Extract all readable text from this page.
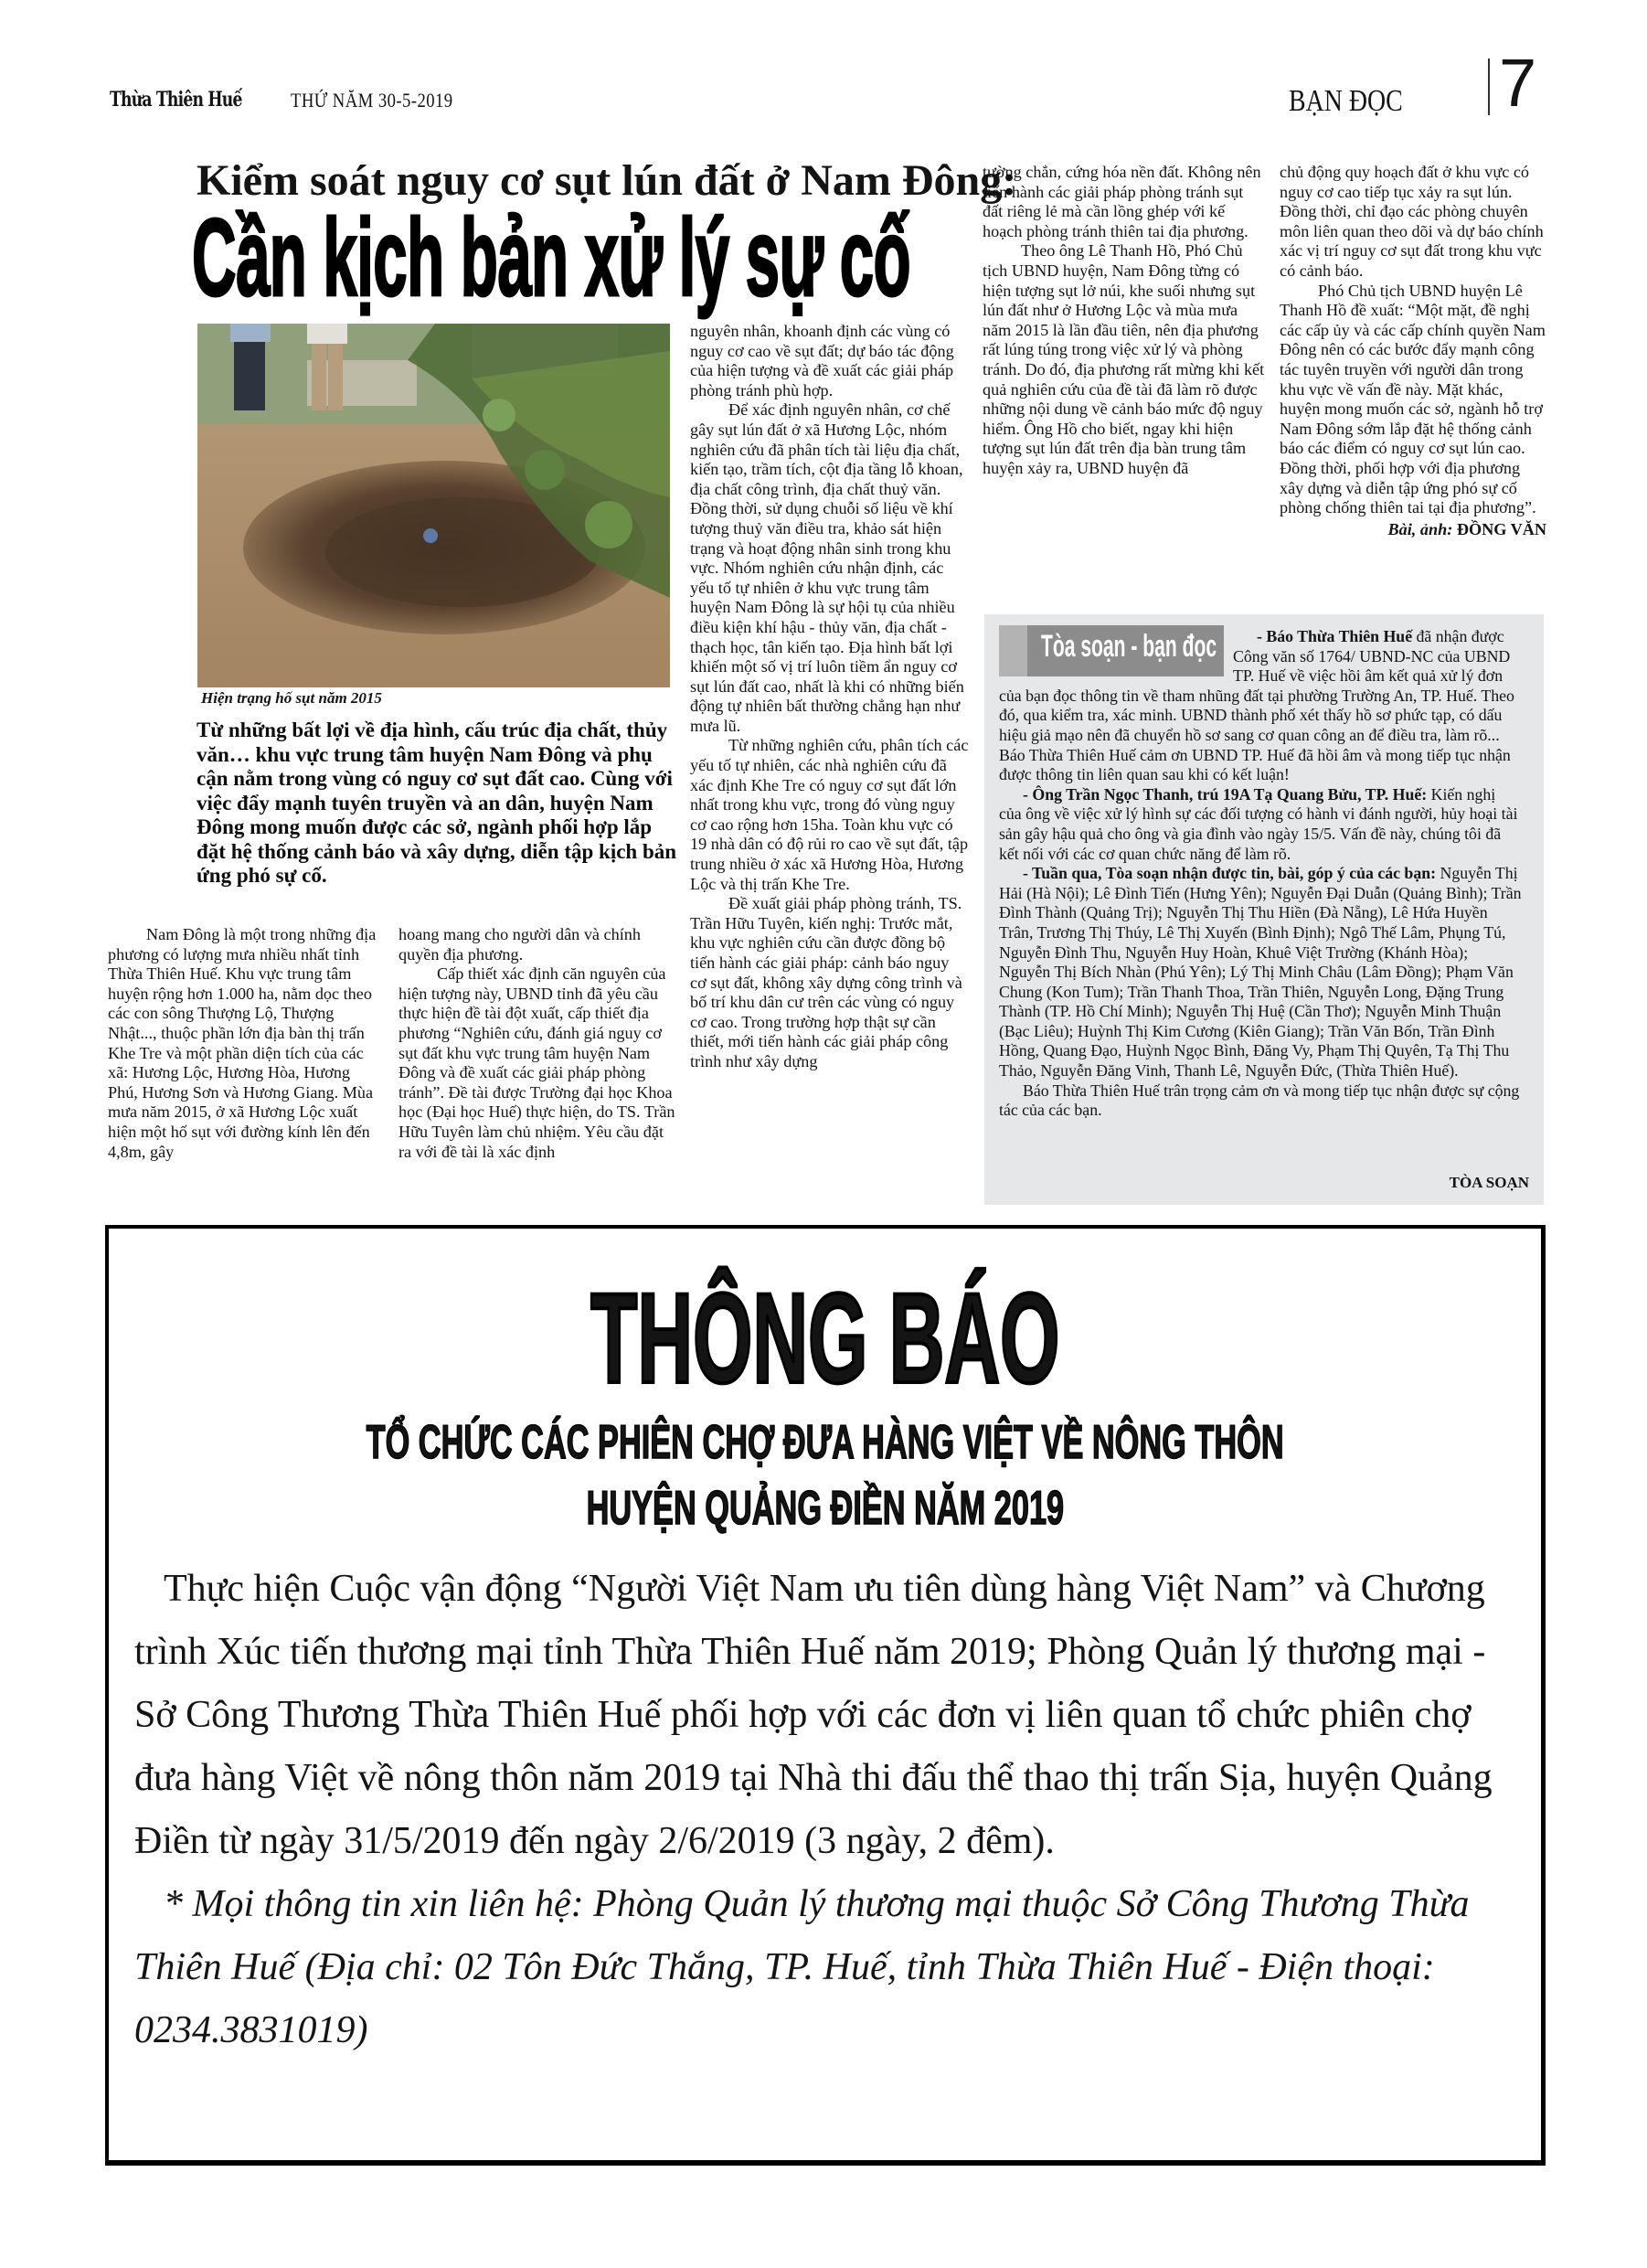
Thừa Thiên Huế THỨ NĂM 30-5-2019	BẠN ĐỌC 7
Kiểm soát nguy cơ sụt lún đất ở Nam Đông:
Cần kịch bản xử lý sự cố
Hiện trạng hố sụt năm 2015
Từ những bất lợi về địa hình, cấu trúc địa chất, thủy văn… khu vực trung tâm huyện Nam Đông và phụ cận nằm trong vùng có nguy cơ sụt đất cao. Cùng với việc đẩy mạnh tuyên truyền và an dân, huyện Nam Đông mong muốn được các sở, ngành phối hợp lắp đặt hệ thống cảnh báo và xây dựng, diễn tập kịch bản ứng phó sự cố.

Nam Đông là một trong những địa phương có lượng mưa nhiều nhất tỉnh Thừa Thiên Huế. Khu vực trung tâm huyện rộng hơn 1.000 ha, nằm dọc theo các con sông Thượng Lộ, Thượng Nhật..., thuộc phần lớn địa bàn thị trấn Khe Tre và một phần diện tích của các xã: Hương Lộc, Hương Hòa, Hương Phú, Hương Sơn và Hương Giang. Mùa mưa năm 2015, ở xã Hương Lộc xuất hiện một hố sụt với đường kính lên đến 4,8m, gây

hoang mang cho người dân và chính quyền địa phương.

Cấp thiết xác định căn nguyên của hiện tượng này, UBND tỉnh đã yêu cầu thực hiện đề tài đột xuất, cấp thiết địa phương “Nghiên cứu, đánh giá nguy cơ sụt đất khu vực trung tâm huyện Nam Đông và đề xuất các giải pháp phòng tránh”. Đề tài được Trường đại học Khoa học (Đại học Huế) thực hiện, do TS. Trần Hữu Tuyên làm chủ nhiệm. Yêu cầu đặt ra với đề tài là xác định

nguyên nhân, khoanh định các vùng có nguy cơ cao về sụt đất; dự báo tác động của hiện tượng và đề xuất các giải pháp phòng tránh phù hợp.

Để xác định nguyên nhân, cơ chế gây sụt lún đất ở xã Hương Lộc, nhóm nghiên cứu đã phân tích tài liệu địa chất, kiến tạo, trầm tích, cột địa tầng lỗ khoan, địa chất công trình, địa chất thuỷ văn. Đồng thời, sử dụng chuỗi số liệu về khí tượng thuỷ văn điều tra, khảo sát hiện trạng và hoạt động nhân sinh trong khu vực. Nhóm nghiên cứu nhận định, các yếu tố tự nhiên ở khu vực trung tâm huyện Nam Đông là sự hội tụ của nhiều điều kiện khí hậu - thủy văn, địa chất - thạch học, tân kiến tạo. Địa hình bất lợi khiến một số vị trí luôn tiềm ẩn nguy cơ sụt lún đất cao, nhất là khi có những biến động tự nhiên bất thường chẳng hạn như mưa lũ.

Từ những nghiên cứu, phân tích các yếu tố tự nhiên, các nhà nghiên cứu đã xác định Khe Tre có nguy cơ sụt đất lớn nhất trong khu vực, trong đó vùng nguy cơ cao rộng hơn 15ha. Toàn khu vực có 19 nhà dân có độ rủi ro cao về sụt đất, tập trung nhiều ở xác xã Hương Hòa, Hương Lộc và thị trấn Khe Tre.

Đề xuất giải pháp phòng tránh, TS. Trần Hữu Tuyên, kiến nghị: Trước mắt, khu vực nghiên cứu cần được đồng bộ tiến hành các giải pháp: cảnh báo nguy cơ sụt đất, không xây dựng công trình và bố trí khu dân cư trên các vùng có nguy cơ cao. Trong trường hợp thật sự cần thiết, mới tiến hành các giải pháp công trình như xây dựng

tường chắn, cứng hóa nền đất. Không nên tiến hành các giải pháp phòng tránh sụt đất riêng lẻ mà cần lồng ghép với kế hoạch phòng tránh thiên tai địa phương.

Theo ông Lê Thanh Hồ, Phó Chủ tịch UBND huyện, Nam Đông từng có hiện tượng sụt lở núi, khe suối nhưng sụt lún đất như ở Hương Lộc và mùa mưa năm 2015 là lần đầu tiên, nên địa phương rất lúng túng trong việc xử lý và phòng tránh. Do đó, địa phương rất mừng khi kết quả nghiên cứu của đề tài đã làm rõ được những nội dung về cảnh báo mức độ nguy hiểm. Ông Hồ cho biết, ngay khi hiện tượng sụt lún đất trên địa bàn trung tâm huyện xảy ra, UBND huyện đã

chủ động quy hoạch đất ở khu vực có nguy cơ cao tiếp tục xảy ra sụt lún. Đồng thời, chỉ đạo các phòng chuyên môn liên quan theo dõi và dự báo chính xác vị trí nguy cơ sụt đất trong khu vực có cảnh báo.

Phó Chủ tịch UBND huyện Lê Thanh Hồ đề xuất: “Một mặt, đề nghị các cấp ủy và các cấp chính quyền Nam Đông nên có các bước đẩy mạnh công tác tuyên truyền với người dân trong khu vực về vấn đề này. Mặt khác, huyện mong muốn các sở, ngành hỗ trợ Nam Đông sớm lắp đặt hệ thống cảnh báo các điểm có nguy cơ sụt lún cao. Đồng thời, phối hợp với địa phương xây dựng và diễn tập ứng phó sự cố phòng chống thiên tai tại địa phương”.

Bài, ảnh: ĐỒNG VĂN
Tòa soạn - bạn đọc	- Báo Thừa Thiên Huế đã nhận được Công văn số 1764/ UBND-NC của UBND TP. Huế về việc hồi âm kết quả xử lý đơn của bạn đọc thông tin về tham nhũng đất tại phường Trường An, TP. Huế. Theo đó, qua kiểm tra, xác minh. UBND thành phố xét thấy hồ sơ phức tạp, có dấu hiệu giả mạo nên đã chuyển hồ sơ sang cơ quan công an để điều tra, làm rõ... Báo Thừa Thiên Huế cảm ơn UBND TP. Huế đã hồi âm và mong tiếp tục nhận được thông tin liên quan sau khi có kết luận!

- Ông Trần Ngọc Thanh, trú 19A Tạ Quang Bửu, TP. Huế: Kiến nghị của ông về việc xử lý hình sự các đối tượng có hành vi đánh người, hủy hoại tài sản gây hậu quả cho ông và gia đình vào ngày 15/5. Vấn đề này, chúng tôi đã kết nối với các cơ quan chức năng để làm rõ.

- Tuần qua, Tòa soạn nhận được tin, bài, góp ý của các bạn: Nguyễn Thị Hải (Hà Nội); Lê Đình Tiến (Hưng Yên); Nguyễn Đại Duẫn (Quảng Bình); Trần Đình Thành (Quảng Trị); Nguyễn Thị Thu Hiền (Đà Nẵng), Lê Hứa Huyền Trân, Trương Thị Thúy, Lê Thị Xuyến (Bình Định); Ngô Thế Lâm, Phụng Tú, Nguyễn Đình Thu, Nguyễn Huy Hoàn, Khuê Việt Trường (Khánh Hòa); Nguyễn Thị Bích Nhàn (Phú Yên); Lý Thị Minh Châu (Lâm Đồng); Phạm Văn Chung (Kon Tum); Trần Thanh Thoa, Trần Thiên, Nguyễn Long, Đặng Trung Thành (TP. Hồ Chí Minh); Nguyễn Thị Huệ (Cần Thơ); Nguyễn Minh Thuận (Bạc Liêu); Huỳnh Thị Kim Cương (Kiên Giang); Trần Văn Bốn, Trần Đình Hồng, Quang Đạo, Huỳnh Ngọc Bình, Đăng Vy, Phạm Thị Quyên, Tạ Thị Thu Thảo, Nguyễn Đăng Vinh, Thanh Lê, Nguyễn Đức, (Thừa Thiên Huế).

Báo Thừa Thiên Huế trân trọng cảm ơn và mong tiếp tục nhận được sự cộng tác của các bạn.

TÒA SOẠN
THÔNG BÁO
TỔ CHỨC CÁC PHIÊN CHỢ ĐƯA HÀNG VIỆT VỀ NÔNG THÔN
HUYỆN QUẢNG ĐIỀN NĂM 2019

Thực hiện Cuộc vận động “Người Việt Nam ưu tiên dùng hàng Việt Nam” và Chương trình Xúc tiến thương mại tỉnh Thừa Thiên Huế năm 2019; Phòng Quản lý thương mại - Sở Công Thương Thừa Thiên Huế phối hợp với các đơn vị liên quan tổ chức phiên chợ đưa hàng Việt về nông thôn năm 2019 tại Nhà thi đấu thể thao thị trấn Sịa, huyện Quảng Điền từ ngày 31/5/2019 đến ngày 2/6/2019 (3 ngày, 2 đêm).

* Mọi thông tin xin liên hệ: Phòng Quản lý thương mại thuộc Sở Công Thương Thừa Thiên Huế (Địa chỉ: 02 Tôn Đức Thắng, TP. Huế, tỉnh Thừa Thiên Huế - Điện thoại: 0234.3831019)
